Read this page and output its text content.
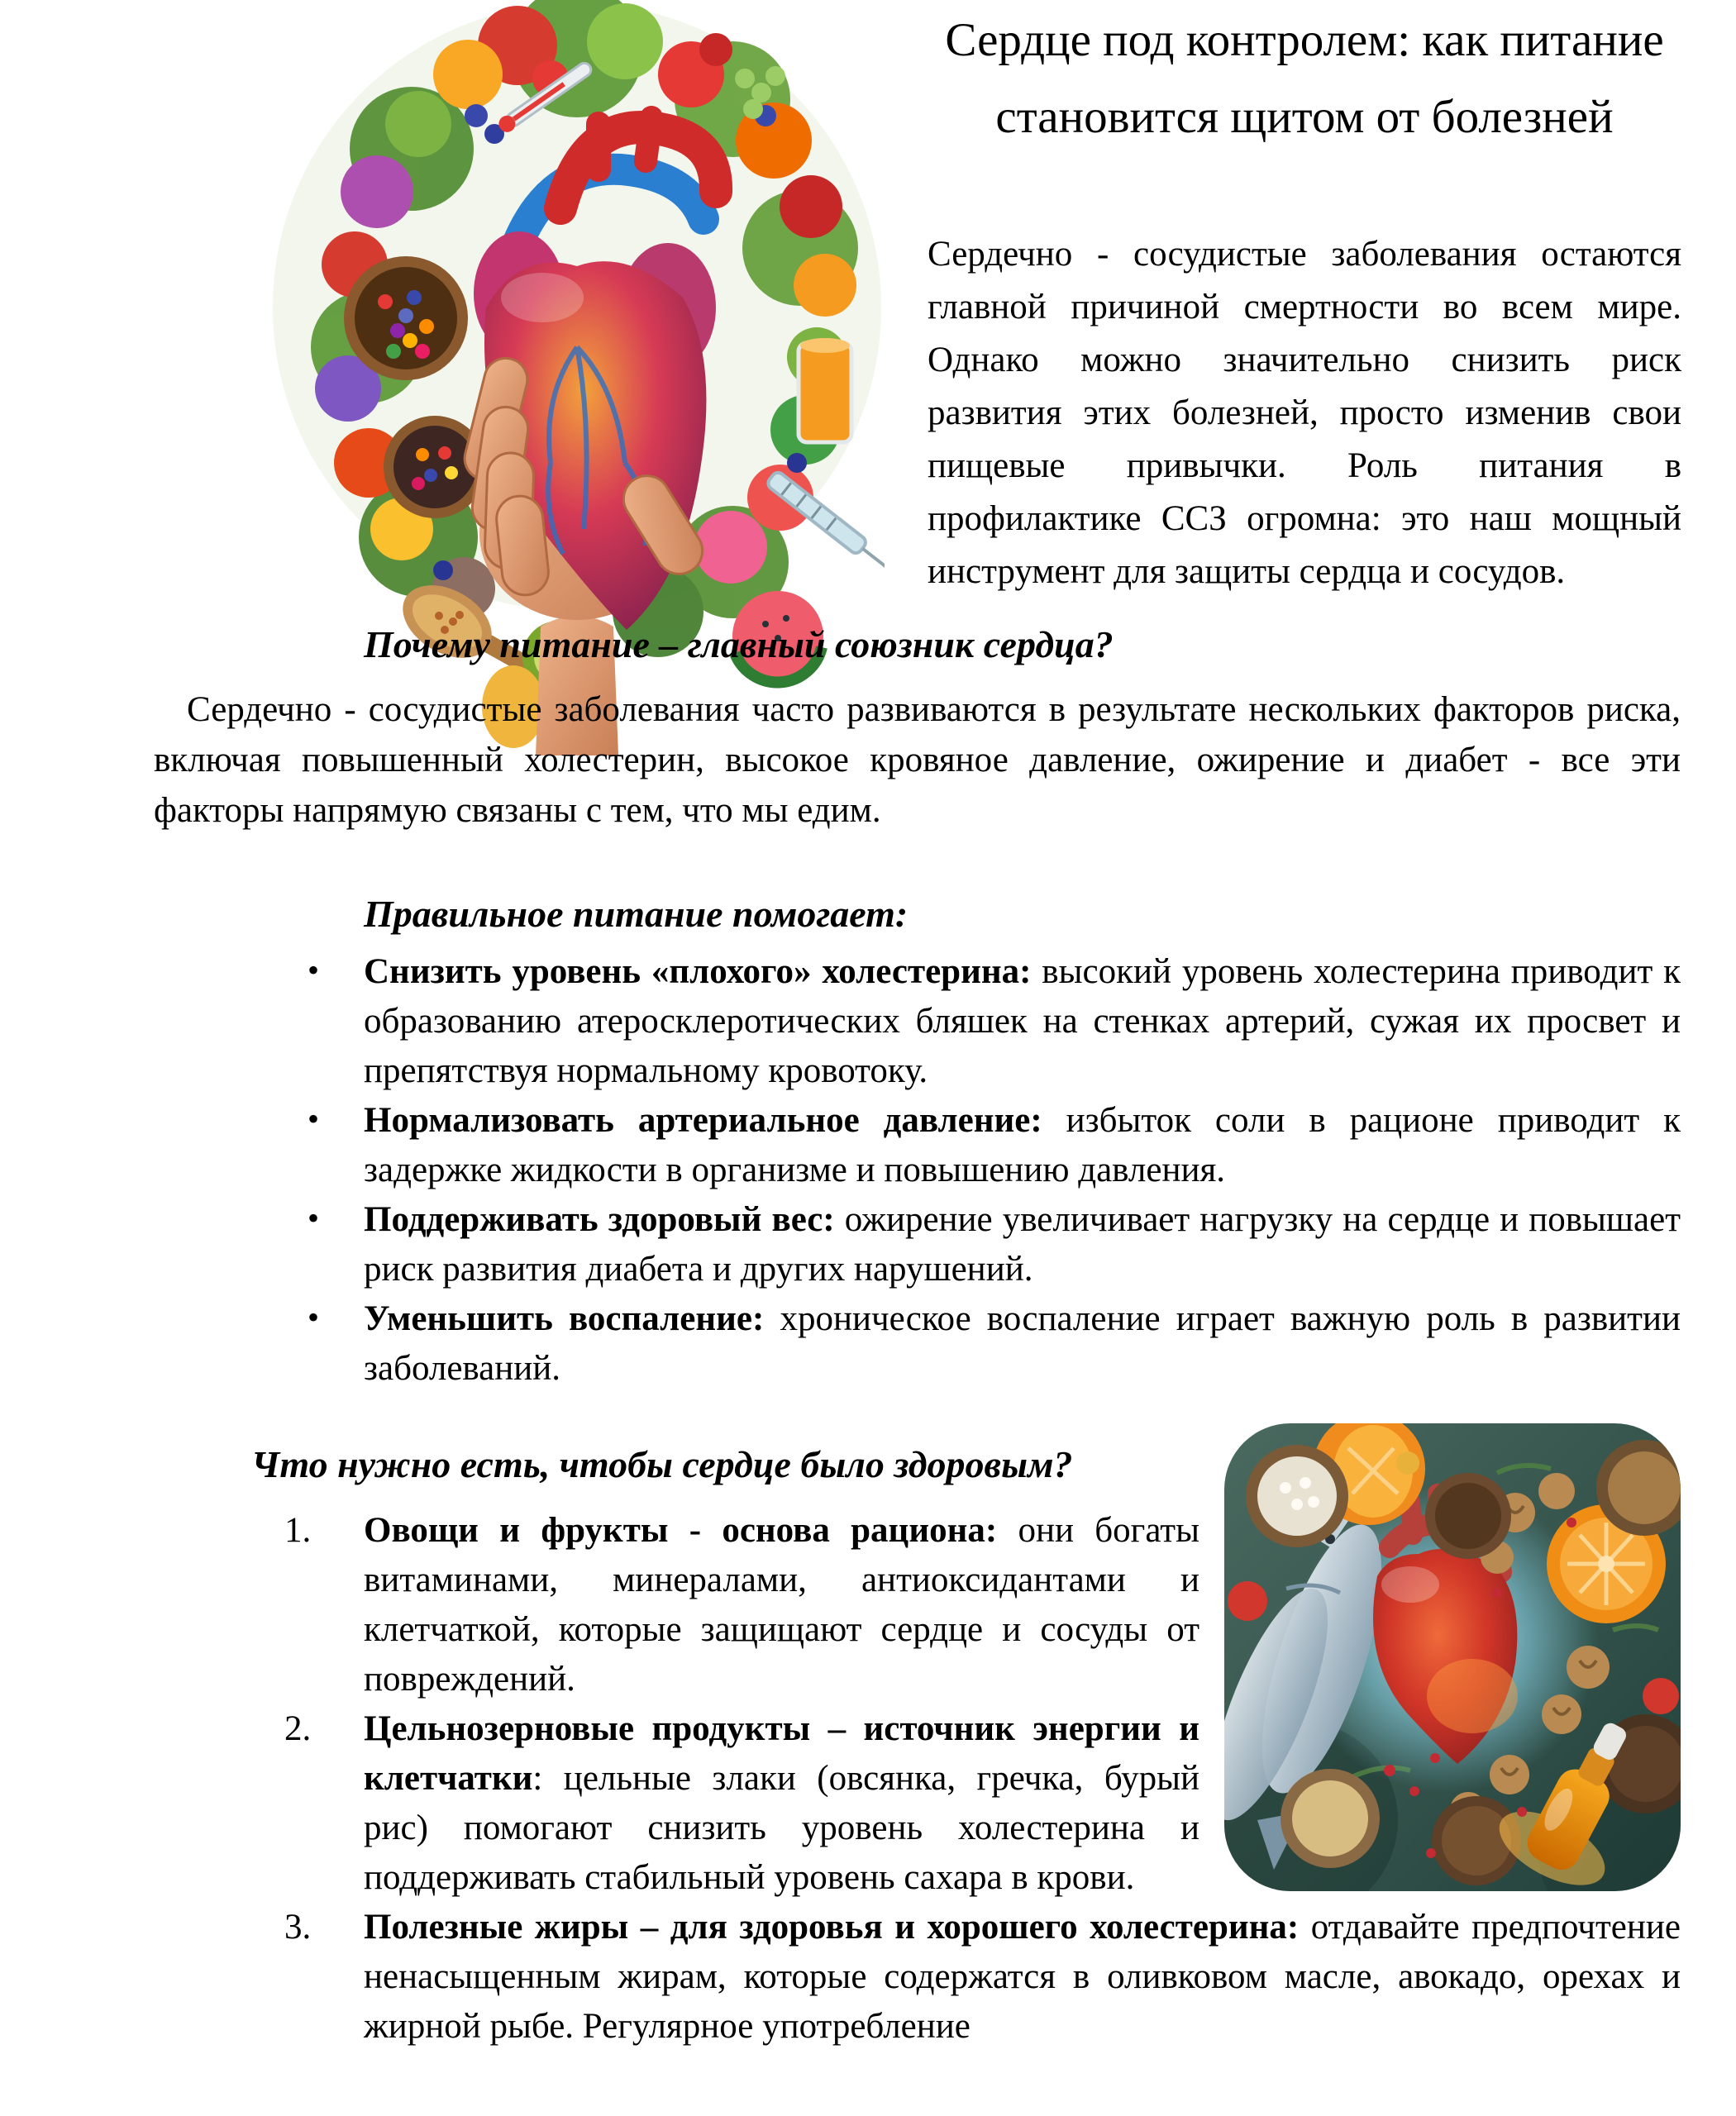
Сердце под контролем: как питание становится щитом от болезней
Сердечно - сосудистые заболевания остаются главной причиной смертности во всем мире. Однако можно значительно снизить риск развития этих болезней, просто изменив свои пищевые привычки. Роль питания в профилактике ССЗ огромна: это наш мощный инструмент для защиты сердца и сосудов.
Почему питание – главный союзник сердца?
Сердечно - сосудистые заболевания часто развиваются в результате нескольких факторов риска, включая повышенный холестерин, высокое кровяное давление, ожирение и диабет - все эти факторы напрямую связаны с тем, что мы едим.
Правильное питание помогает:
• Снизить уровень «плохого» холестерина: высокий уровень холестерина приводит к образованию атеросклеротических бляшек на стенках артерий, сужая их просвет и препятствуя нормальному кровотоку.
• Нормализовать артериальное давление: избыток соли в рационе приводит к задержке жидкости в организме и повышению давления.
• Поддерживать здоровый вес: ожирение увеличивает нагрузку на сердце и повышает риск развития диабета и других нарушений.
• Уменьшить воспаление: хроническое воспаление играет важную роль в развитии заболеваний.
Что нужно есть, чтобы сердце было здоровым?
1. Овощи и фрукты - основа рациона: они богаты витаминами, минералами, антиоксидантами и клетчаткой, которые защищают сердце и сосуды от повреждений.
2. Цельнозерновые продукты – источник энергии и клетчатки: цельные злаки (овсянка, гречка, бурый рис) помогают снизить уровень холестерина и поддерживать стабильный уровень сахара в крови.
3. Полезные жиры – для здоровья и хорошего холестерина: отдавайте предпочтение ненасыщенным жирам, которые содержатся в оливковом масле, авокадо, орехах и жирной рыбе. Регулярное употребление
